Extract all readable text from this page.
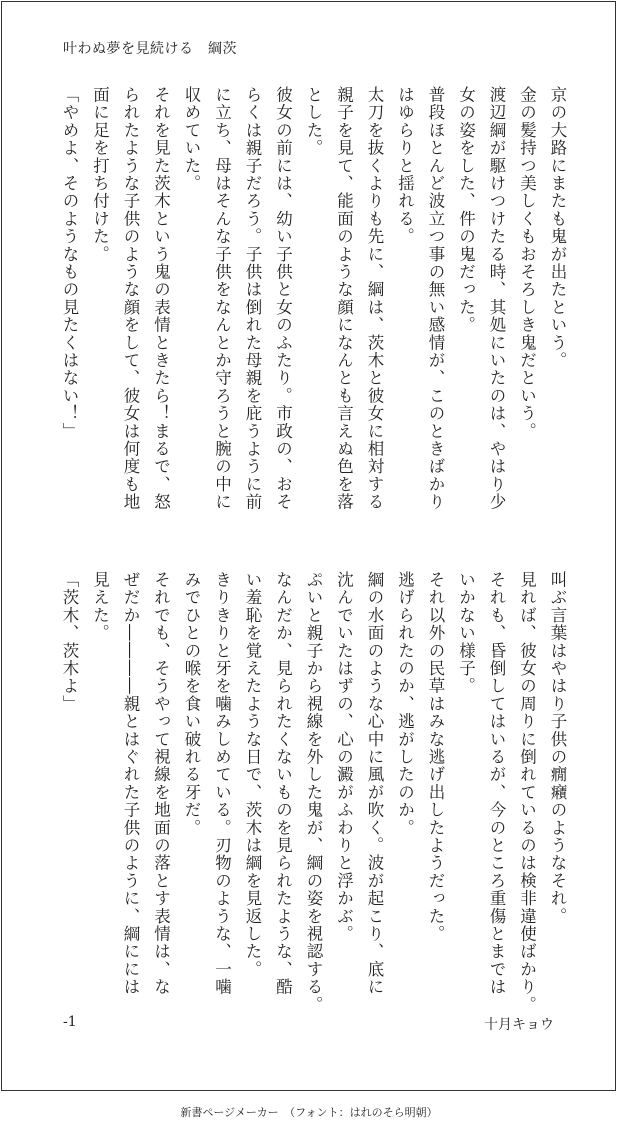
叶わぬ夢を見続ける　綱茨

京の大路にまたも鬼が出たという。

金の髪持つ美しくもおそろしき鬼だという。

渡辺綱が駆けつけたる時、其処にいたのは、やはり少

女の姿をした、件の鬼だった。

普段ほとんど波立つ事の無い感情が、このときばかり

はゆらりと揺れる。

太刀を抜くよりも先に、綱は、茨木と彼女に相対する

親子を見て、能面のような顔になんとも言えぬ色を落

とした。

彼女の前には、幼い子供と女のふたり。市政の、おそ

らくは親子だろう。子供は倒れた母親を庇うように前

に立ち、母はそんな子供をなんとか守ろうと腕の中に

収めていた。

それを見た茨木という鬼の表情ときたら！まるで、怒

られたような子供のような顔をして、彼女は何度も地

面に足を打ち付けた。

「やめよ、そのようなもの見たくはない！」

叫ぶ言葉はやはり子供の癇癪のようなそれ。

見れば、彼女の周りに倒れているのは検非違使ばかり。

それも、昏倒してはいるが、今のところ重傷とまでは

いかない様子。

それ以外の民草はみな逃げ出したようだった。

逃げられたのか、逃がしたのか。

綱の水面のような心中に風が吹く。波が起こり、底に

沈んでいたはずの、心の澱がふわりと浮かぶ。

ぷいと親子から視線を外した鬼が、綱の姿を視認する。

なんだか、見られたくないものを見られたような、酷

い羞恥を覚えたような日で、茨木は綱を見返した。

きりきりと牙を噛みしめている。刃物のような、一噛

みでひとの喉を食い破れる牙だ。

それでも、そうやって視線を地面の落とす表情は、な

ぜだか――――親とはぐれた子供のように、綱にには

見えた。

「茨木、茨木よ」

-1	十月キョウ
新書ページメーカー　（フォント：はれのそら明朝）
